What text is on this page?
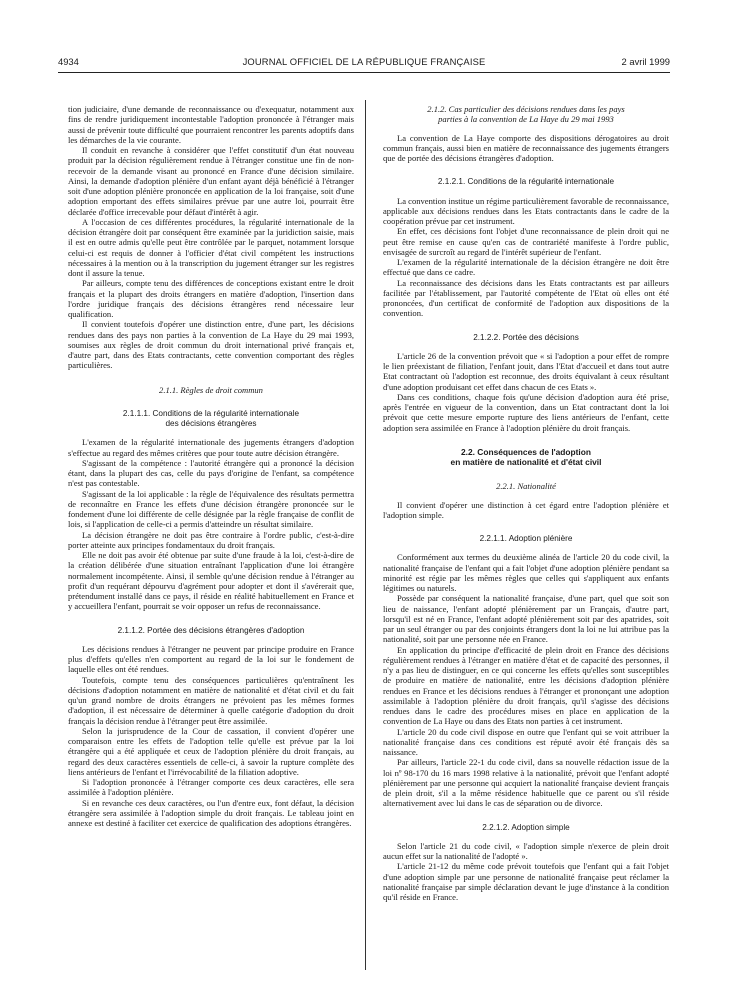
4934	JOURNAL OFFICIEL DE LA RÉPUBLIQUE FRANÇAISE	2 avril 1999

tion judiciaire, d'une demande de reconnaissance ou d'exequatur, notamment aux fins de rendre juridiquement incontestable l'adoption prononcée à l'étranger mais aussi de prévenir toute difficulté que pourraient rencontrer les parents adoptifs dans les démarches de la vie courante.

Il conduit en revanche à considérer que l'effet constitutif d'un état nouveau produit par la décision régulièrement rendue à l'étranger constitue une fin de non-recevoir de la demande visant au prononcé en France d'une décision similaire. Ainsi, la demande d'adoption plénière d'un enfant ayant déjà bénéficié à l'étranger soit d'une adoption plénière prononcée en application de la loi française, soit d'une adoption emportant des effets similaires prévue par une autre loi, pourrait être déclarée d'office irrecevable pour défaut d'intérêt à agir.

A l'occasion de ces différentes procédures, la régularité internationale de la décision étrangère doit par conséquent être examinée par la juridiction saisie, mais il est en outre admis qu'elle peut être contrôlée par le parquet, notamment lorsque celui-ci est requis de donner à l'officier d'état civil compétent les instructions nécessaires à la mention ou à la transcription du jugement étranger sur les registres dont il assure la tenue.

Par ailleurs, compte tenu des différences de conceptions existant entre le droit français et la plupart des droits étrangers en matière d'adoption, l'insertion dans l'ordre juridique français des décisions étrangères rend nécessaire leur qualification.

Il convient toutefois d'opérer une distinction entre, d'une part, les décisions rendues dans des pays non parties à la convention de La Haye du 29 mai 1993, soumises aux règles de droit commun du droit international privé français et, d'autre part, dans des Etats contractants, cette convention comportant des règles particulières.

2.1.1. Règles de droit commun
2.1.1.1. Conditions de la régularité internationale
des décisions étrangères

L'examen de la régularité internationale des jugements étrangers d'adoption s'effectue au regard des mêmes critères que pour toute autre décision étrangère.

S'agissant de la compétence : l'autorité étrangère qui a prononcé la décision étant, dans la plupart des cas, celle du pays d'origine de l'enfant, sa compétence n'est pas contestable.

S'agissant de la loi applicable : la règle de l'équivalence des résultats permettra de reconnaître en France les effets d'une décision étrangère prononcée sur le fondement d'une loi différente de celle désignée par la règle française de conflit de lois, si l'application de celle-ci a permis d'atteindre un résultat similaire.

La décision étrangère ne doit pas être contraire à l'ordre public, c'est-à-dire porter atteinte aux principes fondamentaux du droit français.

Elle ne doit pas avoir été obtenue par suite d'une fraude à la loi, c'est-à-dire de la création délibérée d'une situation entraînant l'application d'une loi étrangère normalement incompétente. Ainsi, il semble qu'une décision rendue à l'étranger au profit d'un requérant dépourvu d'agrément pour adopter et dont il s'avérerait que, prétendument installé dans ce pays, il réside en réalité habituellement en France et y accueillera l'enfant, pourrait se voir opposer un refus de reconnaissance.

2.1.1.2. Portée des décisions étrangères d'adoption

Les décisions rendues à l'étranger ne peuvent par principe produire en France plus d'effets qu'elles n'en comportent au regard de la loi sur le fondement de laquelle elles ont été rendues.

Toutefois, compte tenu des conséquences particulières qu'entraînent les décisions d'adoption notamment en matière de nationalité et d'état civil et du fait qu'un grand nombre de droits étrangers ne prévoient pas les mêmes formes d'adoption, il est nécessaire de déterminer à quelle catégorie d'adoption du droit français la décision rendue à l'étranger peut être assimilée.

Selon la jurisprudence de la Cour de cassation, il convient d'opérer une comparaison entre les effets de l'adoption telle qu'elle est prévue par la loi étrangère qui a été appliquée et ceux de l'adoption plénière du droit français, au regard des deux caractères essentiels de celle-ci, à savoir la rupture complète des liens antérieurs de l'enfant et l'irrévocabilité de la filiation adoptive.

Si l'adoption prononcée à l'étranger comporte ces deux caractères, elle sera assimilée à l'adoption plénière.

Si en revanche ces deux caractères, ou l'un d'entre eux, font défaut, la décision étrangère sera assimilée à l'adoption simple du droit français. Le tableau joint en annexe est destiné à faciliter cet exercice de qualification des adoptions étrangères.

2.1.2. Cas particulier des décisions rendues dans les pays
parties à la convention de La Haye du 29 mai 1993

La convention de La Haye comporte des dispositions dérogatoires au droit commun français, aussi bien en matière de reconnaissance des jugements étrangers que de portée des décisions étrangères d'adoption.

2.1.2.1. Conditions de la régularité internationale

La convention institue un régime particulièrement favorable de reconnaissance, applicable aux décisions rendues dans les Etats contractants dans le cadre de la coopération prévue par cet instrument.

En effet, ces décisions font l'objet d'une reconnaissance de plein droit qui ne peut être remise en cause qu'en cas de contrariété manifeste à l'ordre public, envisagée de surcroît au regard de l'intérêt supérieur de l'enfant.

L'examen de la régularité internationale de la décision étrangère ne doit être effectué que dans ce cadre.

La reconnaissance des décisions dans les Etats contractants est par ailleurs facilitée par l'établissement, par l'autorité compétente de l'Etat où elles ont été prononcées, d'un certificat de conformité de l'adoption aux dispositions de la convention.

2.1.2.2. Portée des décisions

L'article 26 de la convention prévoit que « si l'adoption a pour effet de rompre le lien préexistant de filiation, l'enfant jouit, dans l'Etat d'accueil et dans tout autre Etat contractant où l'adoption est reconnue, des droits équivalant à ceux résultant d'une adoption produisant cet effet dans chacun de ces Etats ».

Dans ces conditions, chaque fois qu'une décision d'adoption aura été prise, après l'entrée en vigueur de la convention, dans un Etat contractant dont la loi prévoit que cette mesure emporte rupture des liens antérieurs de l'enfant, cette adoption sera assimilée en France à l'adoption plénière du droit français.

2.2. Conséquences de l'adoption
en matière de nationalité et d'état civil
2.2.1. Nationalité

Il convient d'opérer une distinction à cet égard entre l'adoption plénière et l'adoption simple.

2.2.1.1. Adoption plénière

Conformément aux termes du deuxième alinéa de l'article 20 du code civil, la nationalité française de l'enfant qui a fait l'objet d'une adoption plénière pendant sa minorité est régie par les mêmes règles que celles qui s'appliquent aux enfants légitimes ou naturels.

Possède par conséquent la nationalité française, d'une part, quel que soit son lieu de naissance, l'enfant adopté plénièrement par un Français, d'autre part, lorsqu'il est né en France, l'enfant adopté plénièrement soit par des apatrides, soit par un seul étranger ou par des conjoints étrangers dont la loi ne lui attribue pas la nationalité, soit par une personne née en France.

En application du principe d'efficacité de plein droit en France des décisions régulièrement rendues à l'étranger en matière d'état et de capacité des personnes, il n'y a pas lieu de distinguer, en ce qui concerne les effets qu'elles sont susceptibles de produire en matière de nationalité, entre les décisions d'adoption plénière rendues en France et les décisions rendues à l'étranger et prononçant une adoption assimilable à l'adoption plénière du droit français, qu'il s'agisse des décisions rendues dans le cadre des procédures mises en place en application de la convention de La Haye ou dans des Etats non parties à cet instrument.

L'article 20 du code civil dispose en outre que l'enfant qui se voit attribuer la nationalité française dans ces conditions est réputé avoir été français dès sa naissance.

Par ailleurs, l'article 22-1 du code civil, dans sa nouvelle rédaction issue de la loi nº 98-170 du 16 mars 1998 relative à la nationalité, prévoit que l'enfant adopté plénièrement par une personne qui acquiert la nationalité française devient français de plein droit, s'il a la même résidence habituelle que ce parent ou s'il réside alternativement avec lui dans le cas de séparation ou de divorce.

2.2.1.2. Adoption simple

Selon l'article 21 du code civil, « l'adoption simple n'exerce de plein droit aucun effet sur la nationalité de l'adopté ».

L'article 21-12 du même code prévoit toutefois que l'enfant qui a fait l'objet d'une adoption simple par une personne de nationalité française peut réclamer la nationalité française par simple déclaration devant le juge d'instance à la condition qu'il réside en France.
